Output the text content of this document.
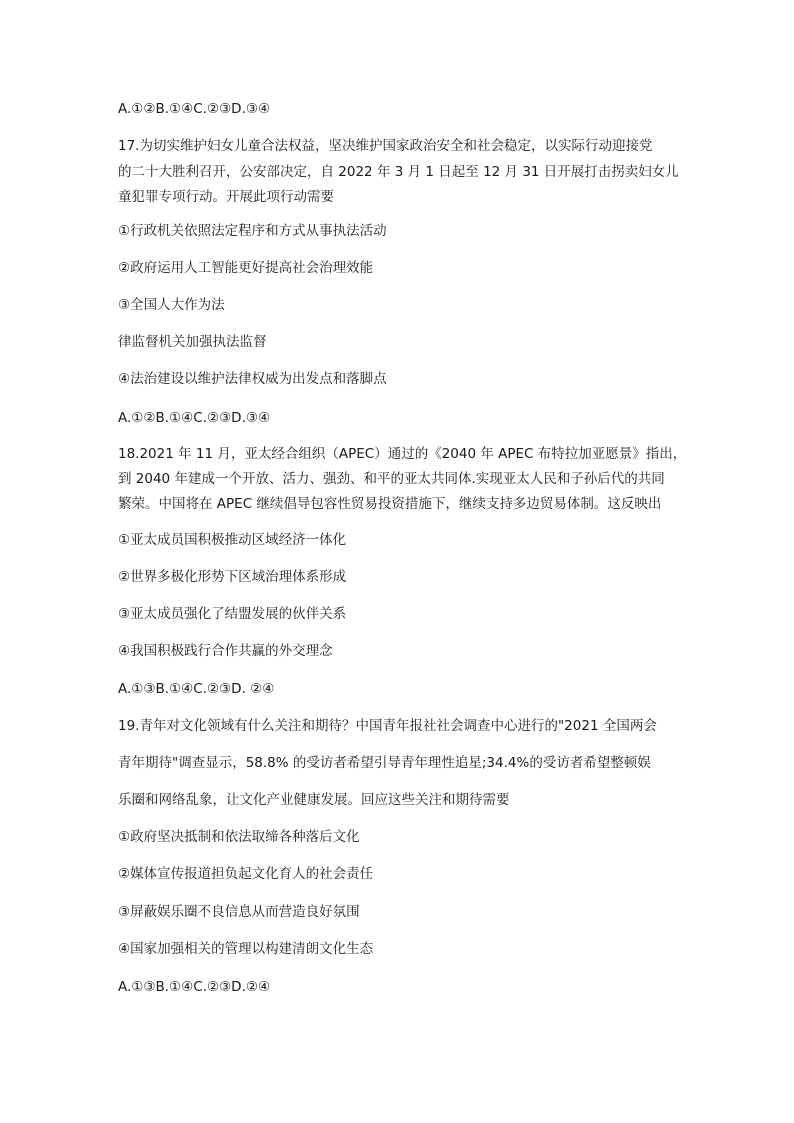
A.①②B.①④C.②③D.③④
17.为切实维护妇女儿童合法权益，坚决维护国家政治安全和社会稳定，以实际行动迎接党
的二十大胜利召开，公安部决定，自 2022 年 3 月 1 日起至 12 月 31 日开展打击拐卖妇女儿
童犯罪专项行动。开展此项行动需要
①行政机关依照法定程序和方式从事执法活动
②政府运用人工智能更好提高社会治理效能
③全国人大作为法
律监督机关加强执法监督
④法治建设以维护法律权威为出发点和落脚点
A.①②B.①④C.②③D.③④
18.2021 年 11 月，亚太经合组织（APEC）通过的《2040 年 APEC 布特拉加亚愿景》指出，
到 2040 年建成一个开放、活力、强劲、和平的亚太共同体.实现亚太人民和子孙后代的共同
繁荣。中国将在 APEC 继续倡导包容性贸易投资措施下，继续支持多边贸易体制。这反映出
①亚太成员国积极推动区域经济一体化
②世界多极化形势下区域治理体系形成
③亚太成员强化了结盟发展的伙伴关系
④我国积极践行合作共赢的外交理念
A.①③B.①④C.②③D. ②④
19.青年对文化领域有什么关注和期待？中国青年报社社会调查中心进行的"2021 全国两会
青年期待"调查显示，58.8% 的受访者希望引导青年理性追星;34.4%的受访者希望整顿娱
乐圈和网络乱象，让文化产业健康发展。回应这些关注和期待需要
①政府坚决抵制和依法取缔各种落后文化
②媒体宣传报道担负起文化育人的社会责任
③屏蔽娱乐圈不良信息从而营造良好氛围
④国家加强相关的管理以构建清朗文化生态
A.①③B.①④C.②③D.②④
